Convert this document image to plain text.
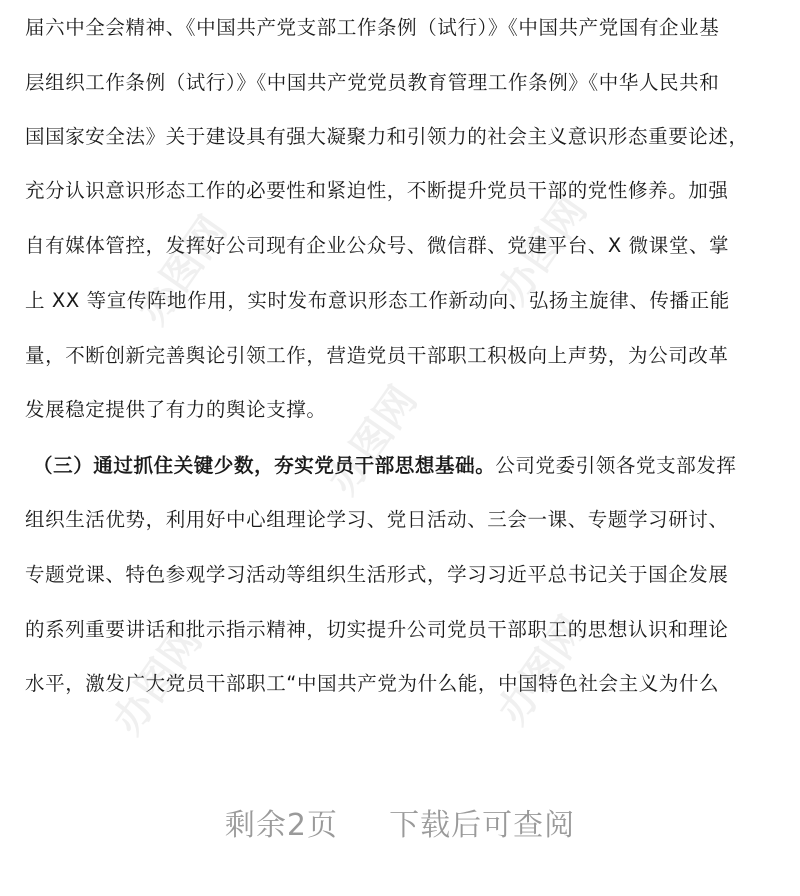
办图网	办图网
办图网
办图网	办图网
届六中全会精神、《中国共产党支部工作条例（试行）》《中国共产党国有企业基
层组织工作条例（试行）》《中国共产党党员教育管理工作条例》《中华人民共和
国国家安全法》关于建设具有强大凝聚力和引领力的社会主义意识形态重要论述，
充分认识意识形态工作的必要性和紧迫性，不断提升党员干部的党性修养。加强
自有媒体管控，发挥好公司现有企业公众号、微信群、党建平台、X 微课堂、掌
上 XX 等宣传阵地作用，实时发布意识形态工作新动向、弘扬主旋律、传播正能
量，不断创新完善舆论引领工作，营造党员干部职工积极向上声势，为公司改革
发展稳定提供了有力的舆论支撑。
（三）通过抓住关键少数，夯实党员干部思想基础。公司党委引领各党支部发挥
组织生活优势，利用好中心组理论学习、党日活动、三会一课、专题学习研讨、
专题党课、特色参观学习活动等组织生活形式，学习习近平总书记关于国企发展
的系列重要讲话和批示指示精神，切实提升公司党员干部职工的思想认识和理论
水平，激发广大党员干部职工“中国共产党为什么能，中国特色社会主义为什么
剩余2页 下载后可查阅
